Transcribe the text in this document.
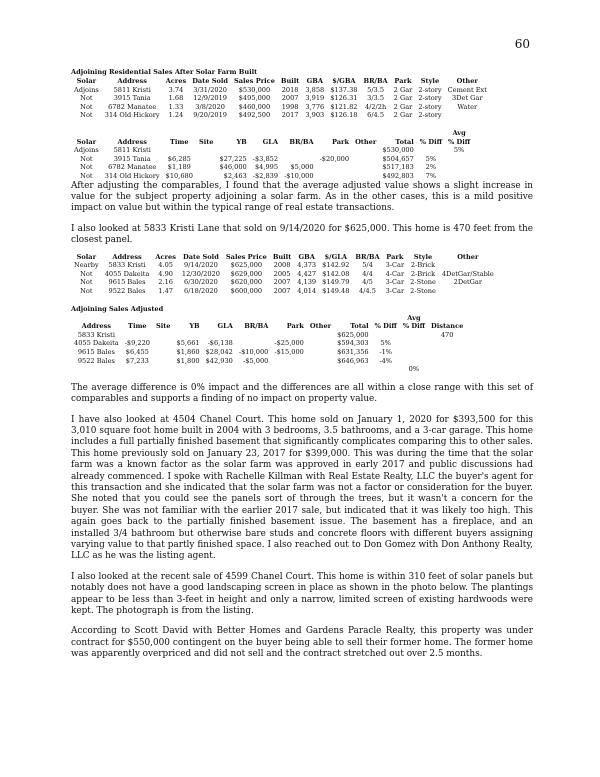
60
Adjoining Residential Sales After Solar Farm Built
Solar	Address	Acres	Date Sold	Sales Price	Built	GBA	$/GBA	BR/BA	Park	Style	Other
Adjoins	5811 Kristi	3.74	3/31/2020	$530,000	2018	3,858	$137.38	5/3.5	2 Gar	2-story	Cement Ext
Not	3915 Tania	1.68	12/9/2019	$495,000	2007	3,919	$126.31	3/3.5	2 Gar	2-story	3Det Gar
Not	6782 Manatee	1.33	3/8/2020	$460,000	1998	3,776	$121.82	4/2/2h	2 Gar	2-story	Water
Not	314 Old Hickory	1.24	9/20/2019	$492,500	2017	3,903	$126.18	6/4.5	2 Gar	2-story	
											Avg
Solar	Address	Time	Site	YB	GLA	BR/BA	Park	Other	Total	% Diff	% Diff
Adjoins	5811 Kristi								$530,000		5%
Not	3915 Tania	$6,285		$27,225	-$3,852		-$20,000		$504,657	5%	
Not	6782 Manatee	$1,189		$46,000	$4,995	$5,000			$517,183	2%	
Not	314 Old Hickory	$10,680		$2,463	-$2,839	-$10,000			$492,803	7%	

After adjusting the comparables, I found that the average adjusted value shows a slight increase in value for the subject property adjoining a solar farm. As in the other cases, this is a mild positive impact on value but within the typical range of real estate transactions.

I also looked at 5833 Kristi Lane that sold on 9/14/2020 for $625,000. This home is 470 feet from the closest panel.

Solar	Address	Acres	Date Sold	Sales Price	Built	GBA	$/GLA	BR/BA	Park	Style	Other
Nearby	5833 Kristi	4.05	9/14/2020	$625,000	2008	4,373	$142.92	5/4	3-Car	2-Brick	
Not	4055 Dakeita	4.90	12/30/2020	$629,000	2005	4,427	$142.08	4/4	4-Car	2-Brick	4DetGar/Stable
Not	9615 Bales	2.16	6/30/2020	$620,000	2007	4,139	$149.79	4/5	3-Car	2-Stone	2DetGar
Not	9522 Bales	1.47	6/18/2020	$600,000	2007	4,014	$149.48	4/4.5	3-Car	2-Stone	
Adjoining Sales Adjusted
										Avg	
Address	Time	Site	YB	GLA	BR/BA	Park	Other	Total	% Diff	% Diff	Distance
5833 Kristi								$625,000			470
4055 Dakeita	-$9,220		$5,661	-$6,138		-$25,000		$594,303	5%		
9615 Bales	$6,455		$1,860	$28,042	-$10,000	-$15,000		$631,356	-1%		
9522 Bales	$7,233		$1,800	$42,930	-$5,000			$646,963	-4%		
										0%	

The average difference is 0% impact and the differences are all within a close range with this set of comparables and supports a finding of no impact on property value.

I have also looked at 4504 Chanel Court. This home sold on January 1, 2020 for $393,500 for this 3,010 square foot home built in 2004 with 3 bedrooms, 3.5 bathrooms, and a 3-car garage. This home includes a full partially finished basement that significantly complicates comparing this to other sales. This home previously sold on January 23, 2017 for $399,000. This was during the time that the solar farm was a known factor as the solar farm was approved in early 2017 and public discussions had already commenced. I spoke with Rachelle Killman with Real Estate Realty, LLC the buyer's agent for this transaction and she indicated that the solar farm was not a factor or consideration for the buyer. She noted that you could see the panels sort of through the trees, but it wasn't a concern for the buyer. She was not familiar with the earlier 2017 sale, but indicated that it was likely too high. This again goes back to the partially finished basement issue. The basement has a fireplace, and an installed 3/4 bathroom but otherwise bare studs and concrete floors with different buyers assigning varying value to that partly finished space. I also reached out to Don Gomez with Don Anthony Realty, LLC as he was the listing agent.

I also looked at the recent sale of 4599 Chanel Court. This home is within 310 feet of solar panels but notably does not have a good landscaping screen in place as shown in the photo below. The plantings appear to be less than 3-feet in height and only a narrow, limited screen of existing hardwoods were kept. The photograph is from the listing.

According to Scott David with Better Homes and Gardens Paracle Realty, this property was under contract for $550,000 contingent on the buyer being able to sell their former home. The former home was apparently overpriced and did not sell and the contract stretched out over 2.5 months.
